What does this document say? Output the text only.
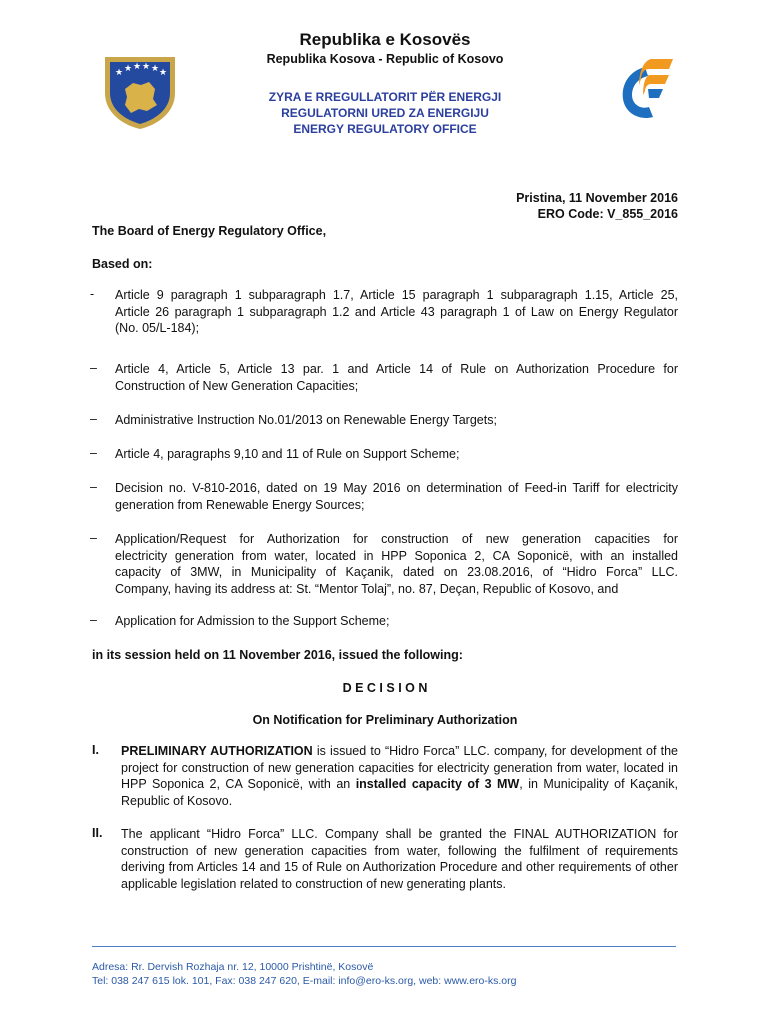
★ ★ ★ ★ ★ ★
Republika e Kosovës
Republika Kosova - Republic of Kosovo
ZYRA E RREGULLATORIT PËR ENERGJI
REGULATORNI URED ZA ENERGIJU
ENERGY REGULATORY OFFICE
Pristina, 11 November 2016
ERO Code: V_855_2016
The Board of Energy Regulatory Office,
Based on:
- Article 9 paragraph 1 subparagraph 1.7, Article 15 paragraph 1 subparagraph 1.15, Article 25,
Article 26 paragraph 1 subparagraph 1.2 and Article 43 paragraph 1 of Law on Energy Regulator
(No. 05/L-184);
– Article 4, Article 5, Article 13 par. 1 and Article 14 of Rule on Authorization Procedure for
Construction of New Generation Capacities;
– Administrative Instruction No.01/2013 on Renewable Energy Targets;
– Article 4, paragraphs 9,10 and 11 of Rule on Support Scheme;
– Decision no. V-810-2016, dated on 19 May 2016 on determination of Feed-in Tariff for electricity
generation from Renewable Energy Sources;
– Application/Request for Authorization for construction of new generation capacities for
electricity generation from water, located in HPP Soponica 2, CA Soponicë, with an installed
capacity of 3MW, in Municipality of Kaçanik, dated on 23.08.2016, of “Hidro Forca” LLC.
Company, having its address at: St. “Mentor Tolaj”, no. 87, Deçan, Republic of Kosovo, and
– Application for Admission to the Support Scheme;
in its session held on 11 November 2016, issued the following:
D E C I S I O N
On Notification for Preliminary Authorization
I. PRELIMINARY AUTHORIZATION is issued to “Hidro Forca” LLC. company, for development of the project for construction of new generation capacities for electricity generation from water, located in HPP Soponica 2, CA Soponicë, with an installed capacity of 3 MW, in Municipality of Kaçanik, Republic of Kosovo.
II. The applicant “Hidro Forca” LLC. Company shall be granted the FINAL AUTHORIZATION for construction of new generation capacities from water, following the fulfilment of requirements deriving from Articles 14 and 15 of Rule on Authorization Procedure and other requirements of other applicable legislation related to construction of new generating plants.
Adresa: Rr. Dervish Rozhaja nr. 12, 10000 Prishtinë, Kosovë
Tel: 038 247 615 lok. 101, Fax: 038 247 620, E-mail: info@ero-ks.org, web: www.ero-ks.org
